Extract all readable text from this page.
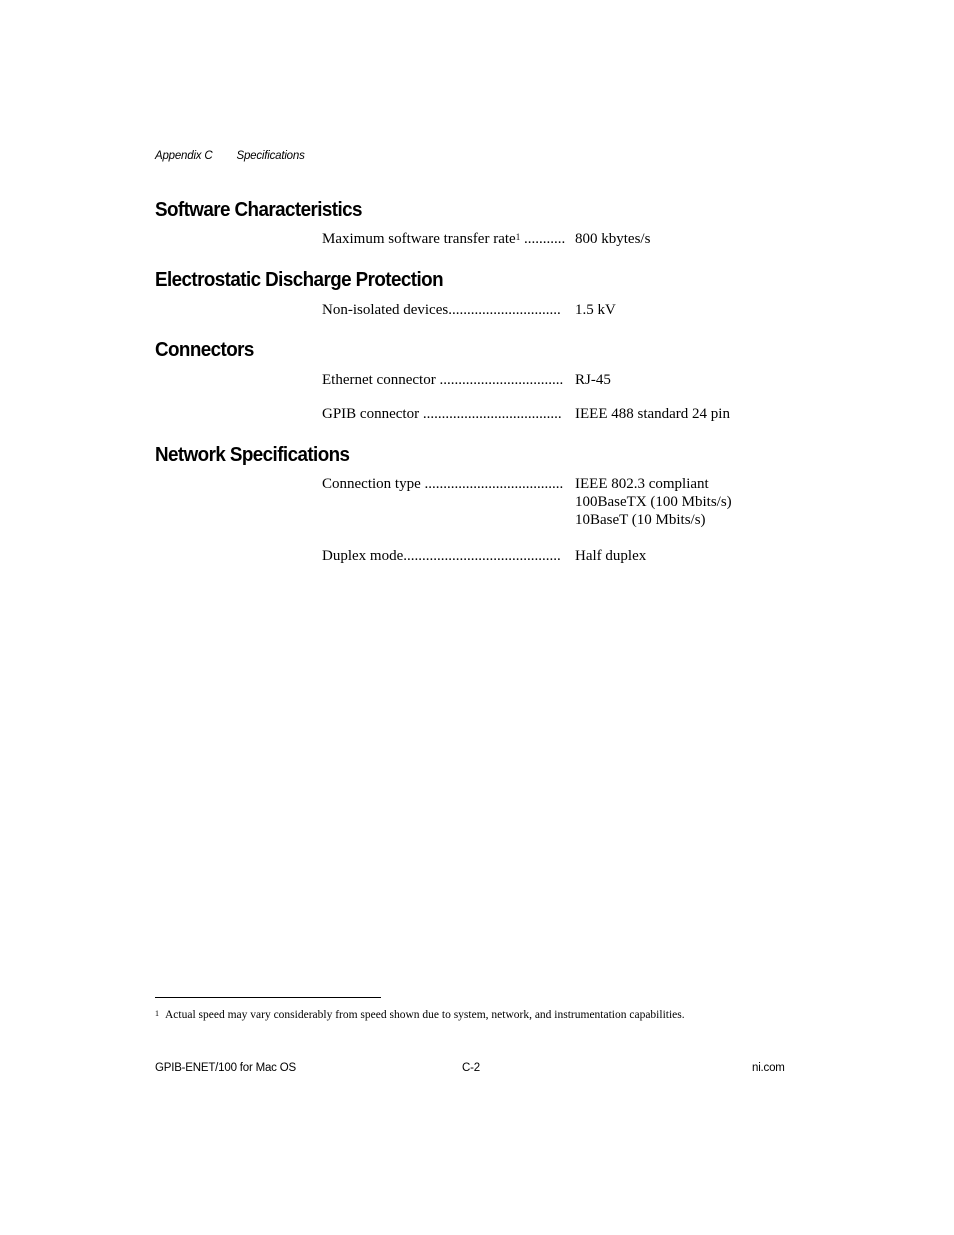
Appendix C Specifications
Software Characteristics
Maximum software transfer rate$^1$ ........... 800 kbytes/s
Electrostatic Discharge Protection
Non-isolated devices.............................. 1.5 kV
Connectors
Ethernet connector ................................. RJ-45
GPIB connector ..................................... IEEE 488 standard 24 pin
Network Specifications
Connection type ..................................... IEEE 802.3 compliant
100BaseTX (100 Mbits/s)
10BaseT (10 Mbits/s)
Duplex mode.......................................... Half duplex
$^1$ Actual speed may vary considerably from speed shown due to system, network, and instrumentation capabilities.
GPIB-ENET/100 for Mac OS	C-2	ni.com
